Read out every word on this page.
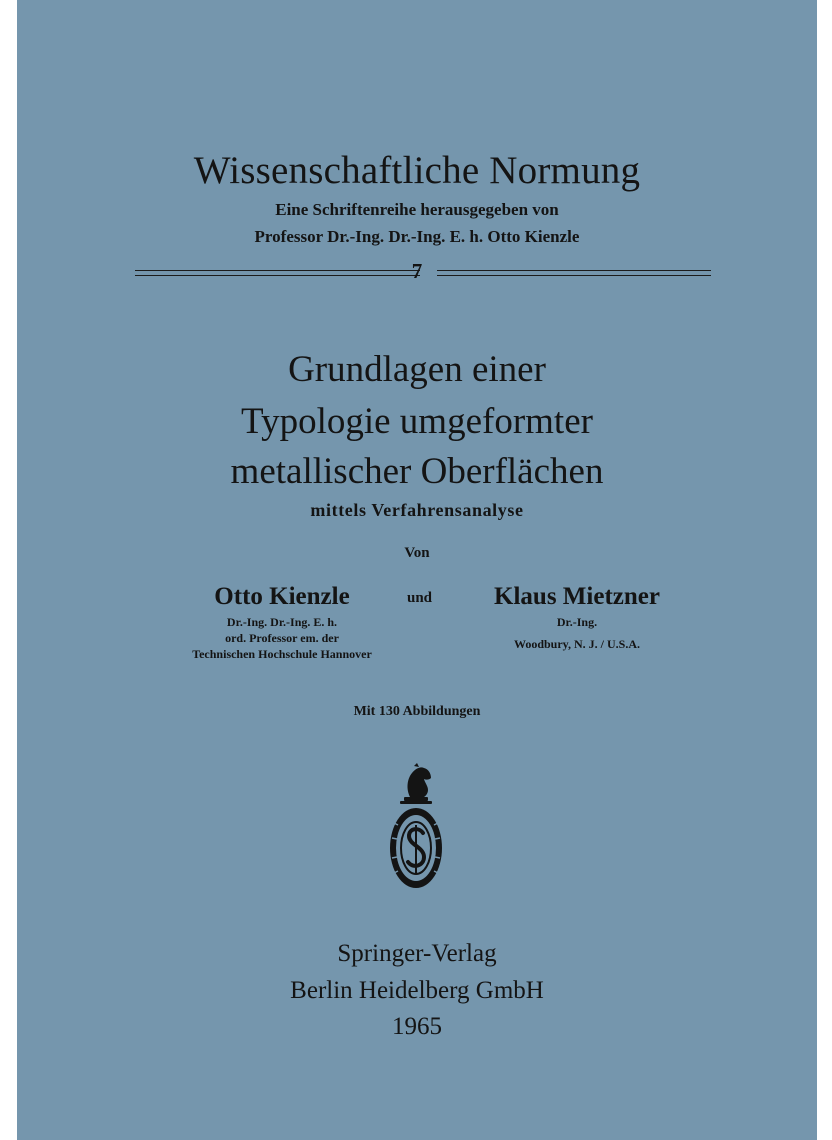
Wissenschaftliche Normung
Eine Schriftenreihe herausgegeben von
Professor Dr.-Ing. Dr.-Ing. E. h. Otto Kienzle
7
Grundlagen einer
Typologie umgeformter
metallischer Oberflächen
mittels Verfahrensanalyse
Von
Otto Kienzle
Dr.-Ing. Dr.-Ing. E. h.
ord. Professor em. der
Technischen Hochschule Hannover
und	Klaus Mietzner
Dr.-Ing.
Woodbury, N. J. / U.S.A.
Mit 130 Abbildungen
Springer-Verlag
Berlin Heidelberg GmbH
1965
